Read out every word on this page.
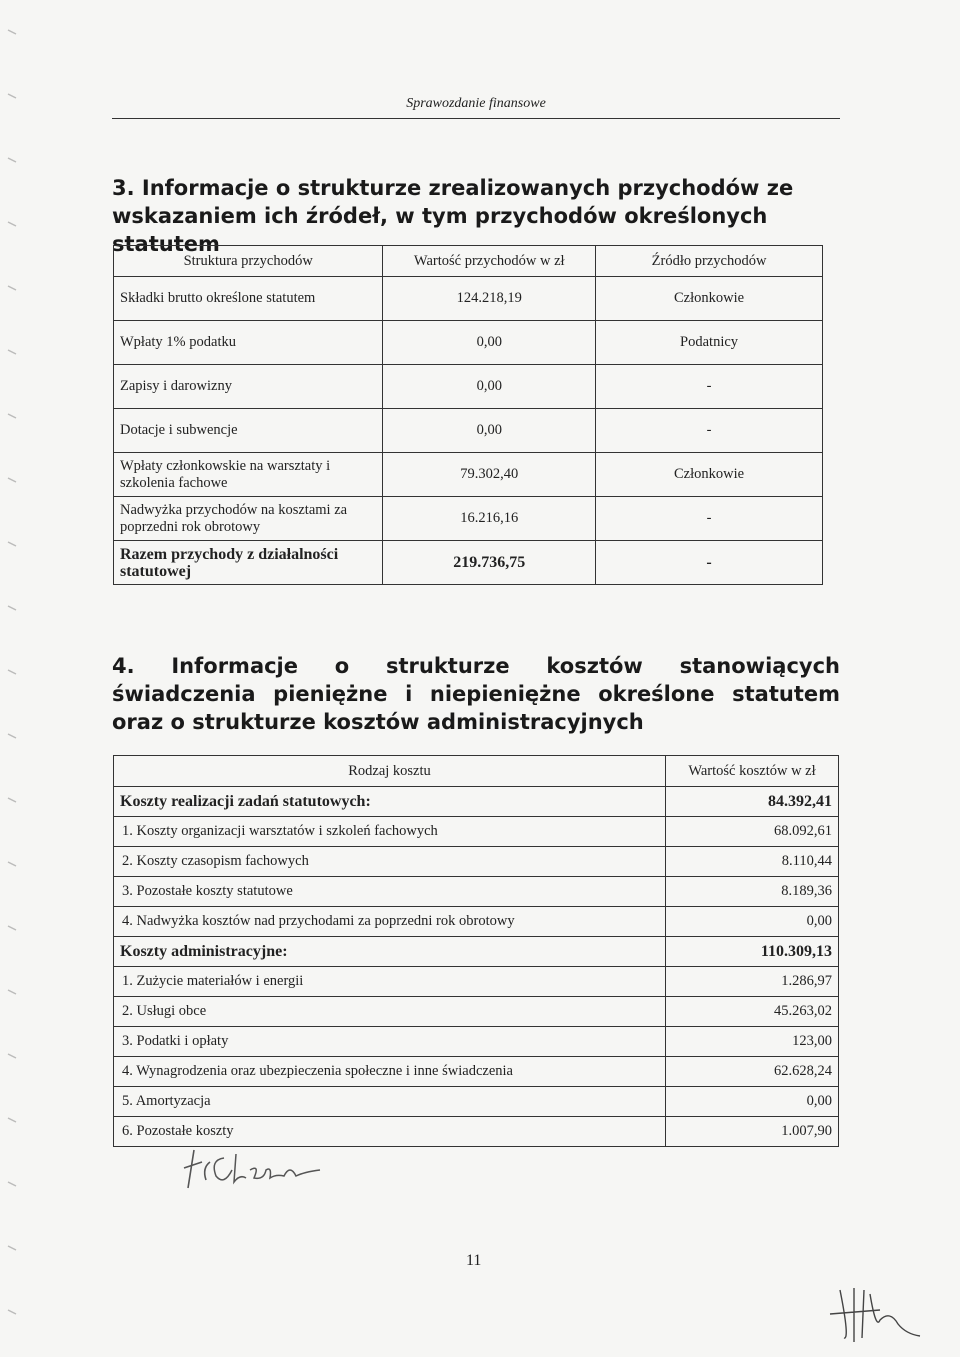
Sprawozdanie finansowe
3. Informacje o strukturze zrealizowanych przychodów ze wskazaniem ich źródeł, w tym przychodów określonych statutem
Struktura przychodów	Wartość przychodów w zł	Źródło przychodów
Składki brutto określone statutem	124.218,19	Członkowie
Wpłaty 1% podatku	0,00	Podatnicy
Zapisy i darowizny	0,00	-
Dotacje i subwencje	0,00	-
Wpłaty członkowskie na warsztaty i szkolenia fachowe	79.302,40	Członkowie
Nadwyżka przychodów na kosztami za poprzedni rok obrotowy	16.216,16	-
Razem przychody z działalności statutowej	219.736,75	-
4. Informacje o strukturze kosztów stanowiących świadczenia pieniężne i niepieniężne określone statutem oraz o strukturze kosztów administracyjnych
Rodzaj kosztu	Wartość kosztów w zł
Koszty realizacji zadań statutowych:	84.392,41
1. Koszty organizacji warsztatów i szkoleń fachowych	68.092,61
2. Koszty czasopism fachowych	8.110,44
3. Pozostałe koszty statutowe	8.189,36
4. Nadwyżka kosztów nad przychodami za poprzedni rok obrotowy	0,00
Koszty administracyjne:	110.309,13
1. Zużycie materiałów i energii	1.286,97
2. Usługi obce	45.263,02
3. Podatki i opłaty	123,00
4. Wynagrodzenia oraz ubezpieczenia społeczne i inne świadczenia	62.628,24
5. Amortyzacja	0,00
6. Pozostałe koszty	1.007,90
11
